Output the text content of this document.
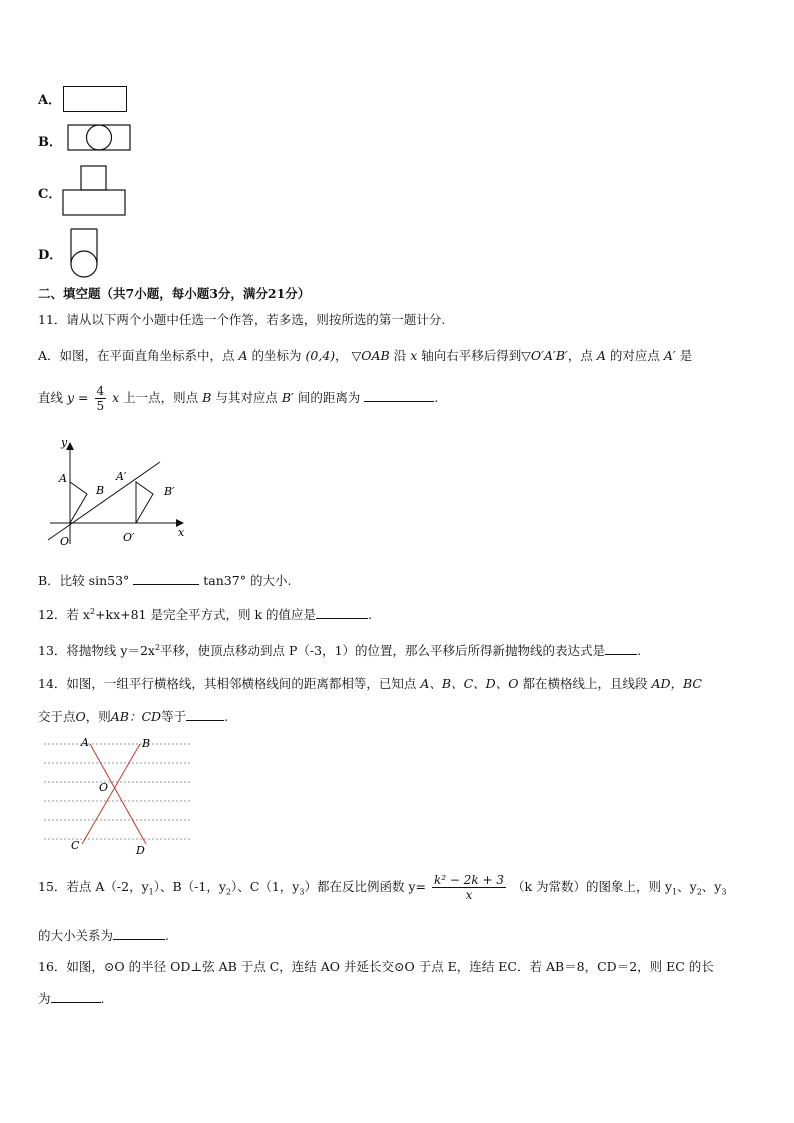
A．
B．
C．
D．
二、填空题（共7小题，每小题3分，满分21分）
11．请从以下两个小题中任选一个作答，若多选，则按所选的第一题计分.
A．如图，在平面直角坐标系中，点 A 的坐标为 (0,4)， ▽OAB 沿 x 轴向右平移后得到▽O′A′B′，点 A 的对应点 A′ 是
直线 $y = \frac{4}{5}$ x 上一点，则点 B 与其对应点 B′ 间的距离为	.
y
x
A
B
A′
B′
O	O′
B．比较 sin53°	tan37° 的大小.
12．若 $x^2+kx+81$ 是完全平方式，则 k 的值应是	.
13．将抛物线 $y=2x^2$平移，使顶点移动到点 P（-3，1）的位置，那么平移后所得新抛物线的表达式是	.
14．如图，一组平行横格线，其相邻横格线间的距离都相等，已知点 A、B、C、D、O 都在横格线上，且线段 AD，BC
交于点O，则AB：CD等于	.
A	B
O
C	D
15．若点 A（-2，$y_1$）、B（-1，$y_2$）、C（1，$y_3$）都在反比例函数 $y= \frac{\text{k² − 2k + 3}}{x} (k$ 为常数）的图象上，则 $y_1$、$y_2$、$y_3$
的大小关系为	.
16．如图，⊙O 的半径 OD⊥弦 AB 于点 C，连结 AO 并延长交⊙O 于点 E，连结 EC．若 AB＝8，CD＝2，则 EC 的长
为	.
